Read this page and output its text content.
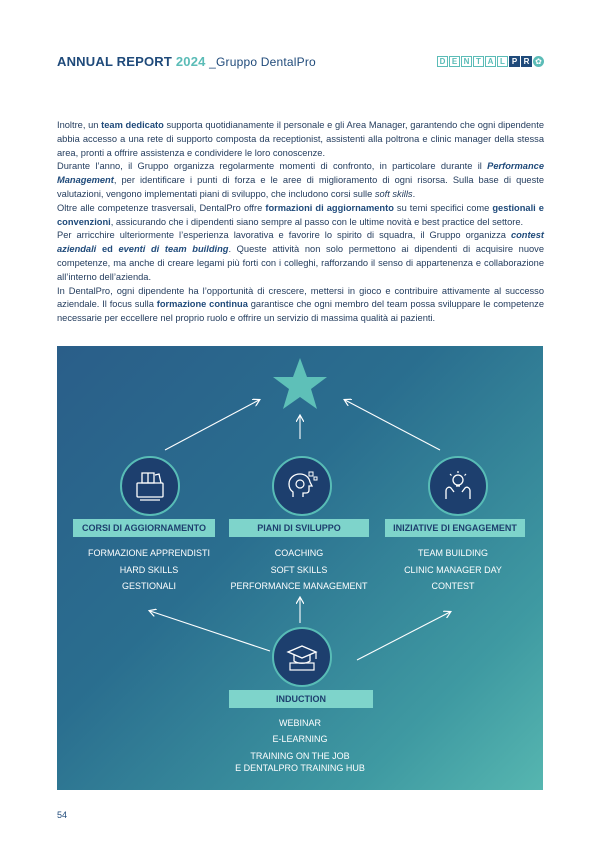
ANNUAL REPORT 2024 _Gruppo DentalPro	D E N T A L P R ✿

Inoltre, un team dedicato supporta quotidianamente il personale e gli Area Manager, garantendo che ogni dipendente abbia accesso a una rete di supporto composta da receptionist, assistenti alla poltrona e clinic manager della stessa area, pronti a offrire assistenza e condividere le loro conoscenze.

Durante l’anno, il Gruppo organizza regolarmente momenti di confronto, in particolare durante il Performance Management, per identificare i punti di forza e le aree di miglioramento di ogni risorsa. Sulla base di queste valutazioni, vengono implementati piani di sviluppo, che includono corsi sulle soft skills.

Oltre alle competenze trasversali, DentalPro offre formazioni di aggiornamento su temi specifici come gestionali e convenzioni, assicurando che i dipendenti siano sempre al passo con le ultime novità e best practice del settore.

Per arricchire ulteriormente l’esperienza lavorativa e favorire lo spirito di squadra, il Gruppo organizza contest aziendali ed eventi di team building. Queste attività non solo permettono ai dipendenti di acquisire nuove competenze, ma anche di creare legami più forti con i colleghi, rafforzando il senso di appartenenza e collaborazione all’interno dell’azienda.

In DentalPro, ogni dipendente ha l’opportunità di crescere, mettersi in gioco e contribuire attivamente al successo aziendale. Il focus sulla formazione continua garantisce che ogni membro del team possa sviluppare le competenze necessarie per eccellere nel proprio ruolo e offrire un servizio di massima qualità ai pazienti.

CORSI DI AGGIORNAMENTO	PIANI DI SVILUPPO	INIZIATIVE DI ENGAGEMENT
FORMAZIONE APPRENDISTI
HARD SKILLS
GESTIONALI
COACHING
SOFT SKILLS
PERFORMANCE MANAGEMENT
TEAM BUILDING
CLINIC MANAGER DAY
CONTEST
INDUCTION
WEBINAR
E-LEARNING
TRAINING ON THE JOB
E DENTALPRO TRAINING HUB
54
